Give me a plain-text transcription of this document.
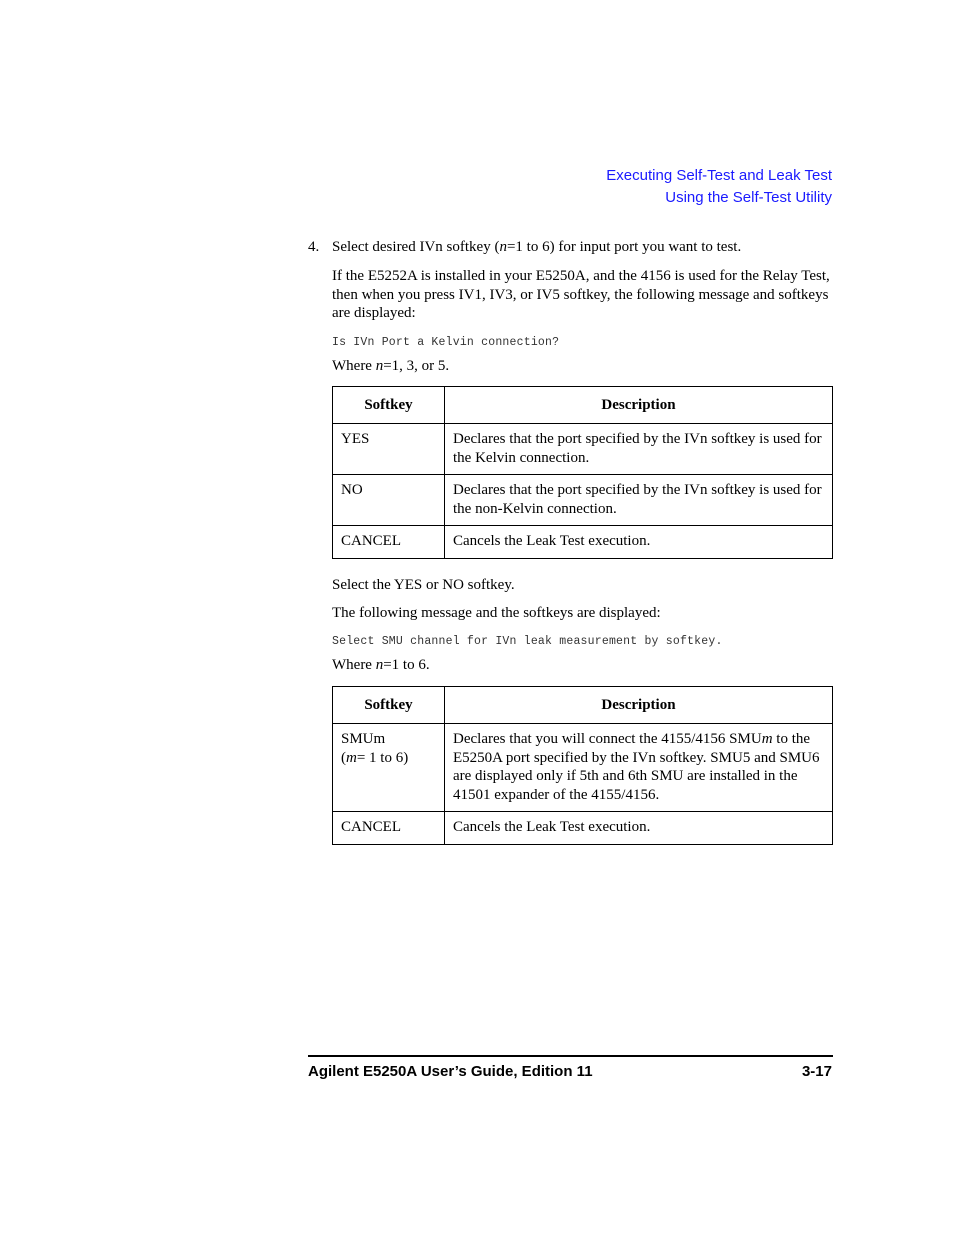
Executing Self-Test and Leak Test
Using the Self-Test Utility
4. Select desired IVn softkey (n=1 to 6) for input port you want to test.
If the E5252A is installed in your E5250A, and the 4156 is used for the Relay Test, then when you press IV1, IV3, or IV5 softkey, the following message and softkeys are displayed:
Is IVn Port a Kelvin connection?
Where n=1, 3, or 5.
Softkey	Description
YES	Declares that the port specified by the IVn softkey is used for the Kelvin connection.
NO	Declares that the port specified by the IVn softkey is used for the non-Kelvin connection.
CANCEL	Cancels the Leak Test execution.
Select the YES or NO softkey.
The following message and the softkeys are displayed:
Select SMU channel for IVn leak measurement by softkey.
Where n=1 to 6.
Softkey	Description

SMUm
(m= 1 to 6)	Declares that you will connect the 4155/4156 SMUm to the E5250A port specified by the IVn softkey. SMU5 and SMU6 are displayed only if 5th and 6th SMU are installed in the 41501 expander of the 4155/4156.
CANCEL	Cancels the Leak Test execution.
Agilent E5250A User’s Guide, Edition 11	3-17
